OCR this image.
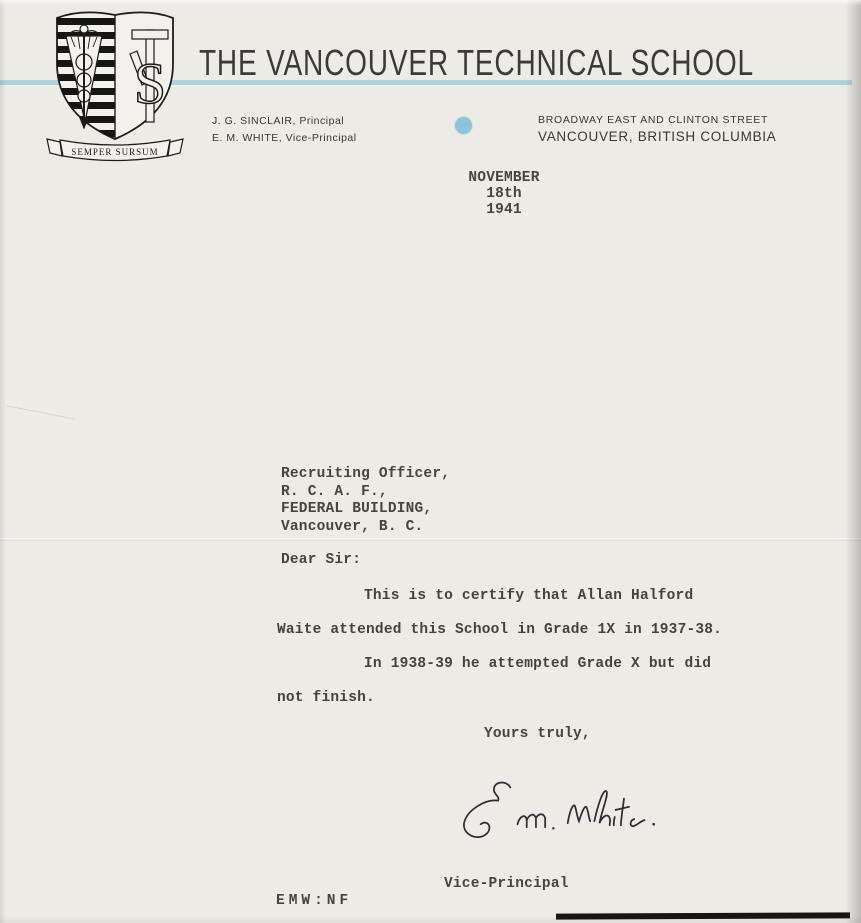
S
SEMPER SURSUM
THE VANCOUVER TECHNICAL SCHOOL
J. G. SINCLAIR, Principal
E. M. WHITE, Vice-Principal
BROADWAY EAST AND CLINTON STREET
VANCOUVER, BRITISH COLUMBIA
NOVEMBER
18th
1941
Recruiting Officer,
R. C. A. F.,
FEDERAL BUILDING,
Vancouver, B. C.
Dear Sir:
This is to certify that Allan Halford
Waite attended this School in Grade 1X in 1937-38.
In 1938-39 he attempted Grade X but did
not finish.
Yours truly,
Vice-Principal
EMW:NF
